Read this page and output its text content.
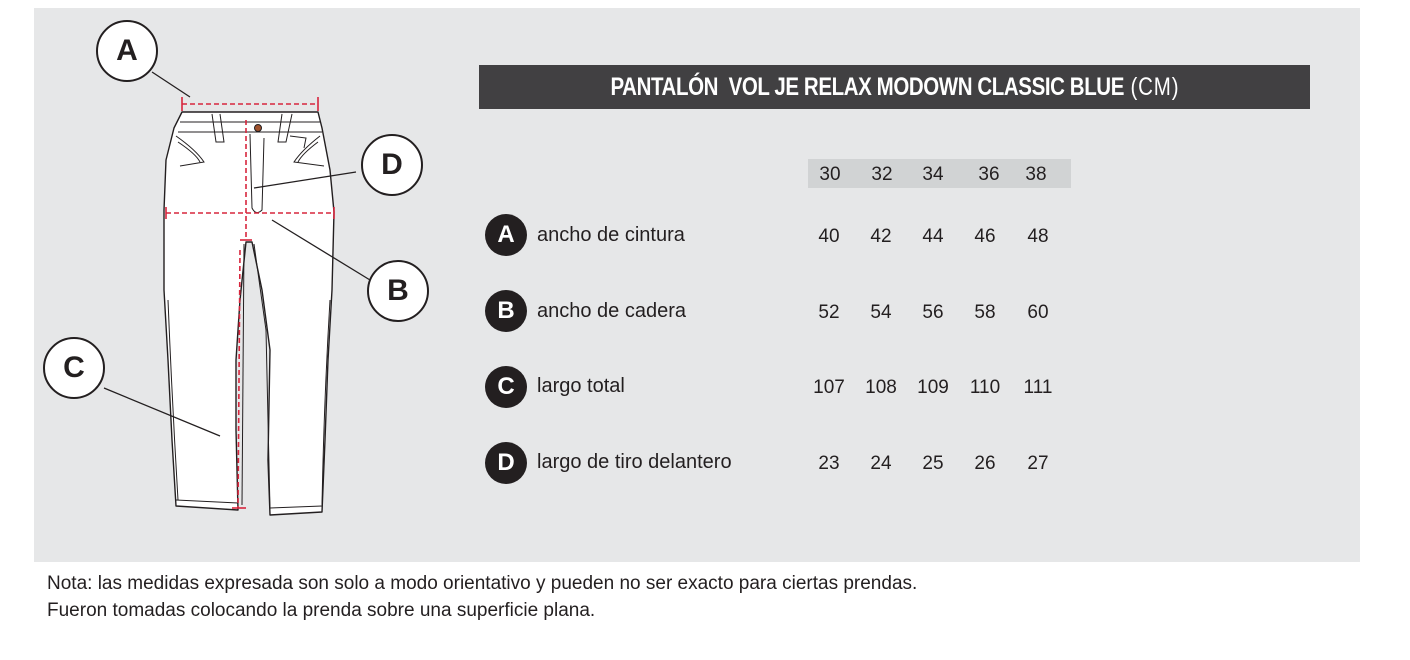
A
D
B
C
PANTALÓN  VOL JE RELAX MODOWN CLASSIC BLUE (CM)
30	32	34	36	38
A	ancho de cintura	40	42	44	46	48
B	ancho de cadera	52	54	56	58	60
C	largo total	107	108	109	110	111
D	largo de tiro delantero	23	24	25	26	27
Nota: las medidas expresada son solo a modo orientativo y pueden no ser exacto para ciertas prendas.
Fueron tomadas colocando la prenda sobre una superficie plana.
